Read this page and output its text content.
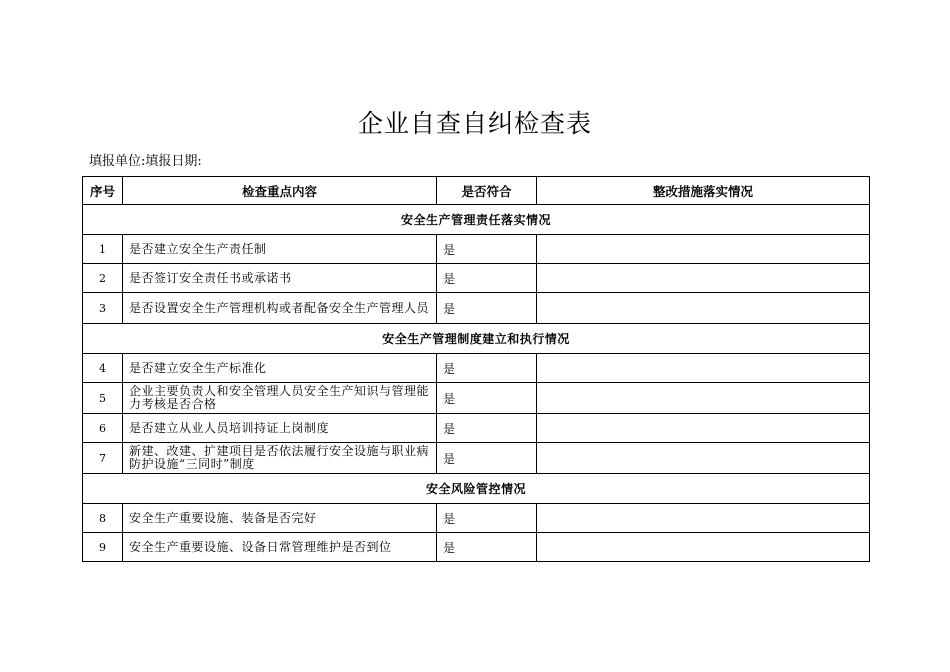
企业自查自纠检查表
填报单位:填报日期:
序号	检查重点内容	是否符合	整改措施落实情况
安全生产管理责任落实情况			
1	是否建立安全生产责任制	是	
2	是否签订安全责任书或承诺书	是	
3	是否设置安全生产管理机构或者配备安全生产管理人员	是	
安全生产管理制度建立和执行情况			
4	是否建立安全生产标准化	是	
5	企业主要负责人和安全管理人员安全生产知识与管理能力考核是否合格	是	
6	是否建立从业人员培训持证上岗制度	是	
7	新建、改建、扩建项目是否依法履行安全设施与职业病防护设施“三同时”制度	是	
安全风险管控情况			
8	安全生产重要设施、装备是否完好	是	
9	安全生产重要设施、设备日常管理维护是否到位	是	
